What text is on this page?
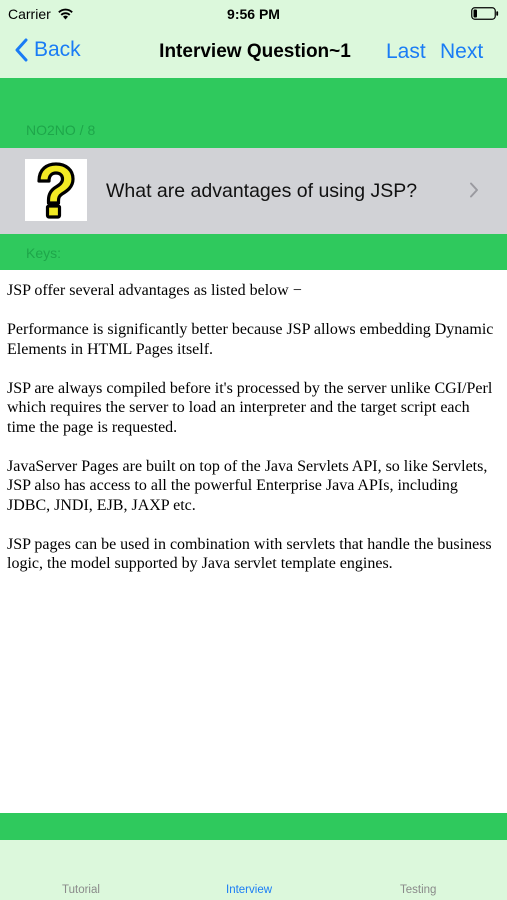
Carrier	9:56 PM
Back	Interview Question~1	Last Next
NO2NO / 8
What are advantages of using JSP?
Keys:

JSP offer several advantages as listed below −

Performance is significantly better because JSP allows embedding Dynamic Elements in HTML Pages itself.

JSP are always compiled before it's processed by the server unlike CGI/Perl which requires the server to load an interpreter and the target script each time the page is requested.

JavaServer Pages are built on top of the Java Servlets API, so like Servlets, JSP also has access to all the powerful Enterprise Java APIs, including JDBC, JNDI, EJB, JAXP etc.

JSP pages can be used in combination with servlets that handle the business logic, the model supported by Java servlet template engines.

Tutorial	Interview	Testing
